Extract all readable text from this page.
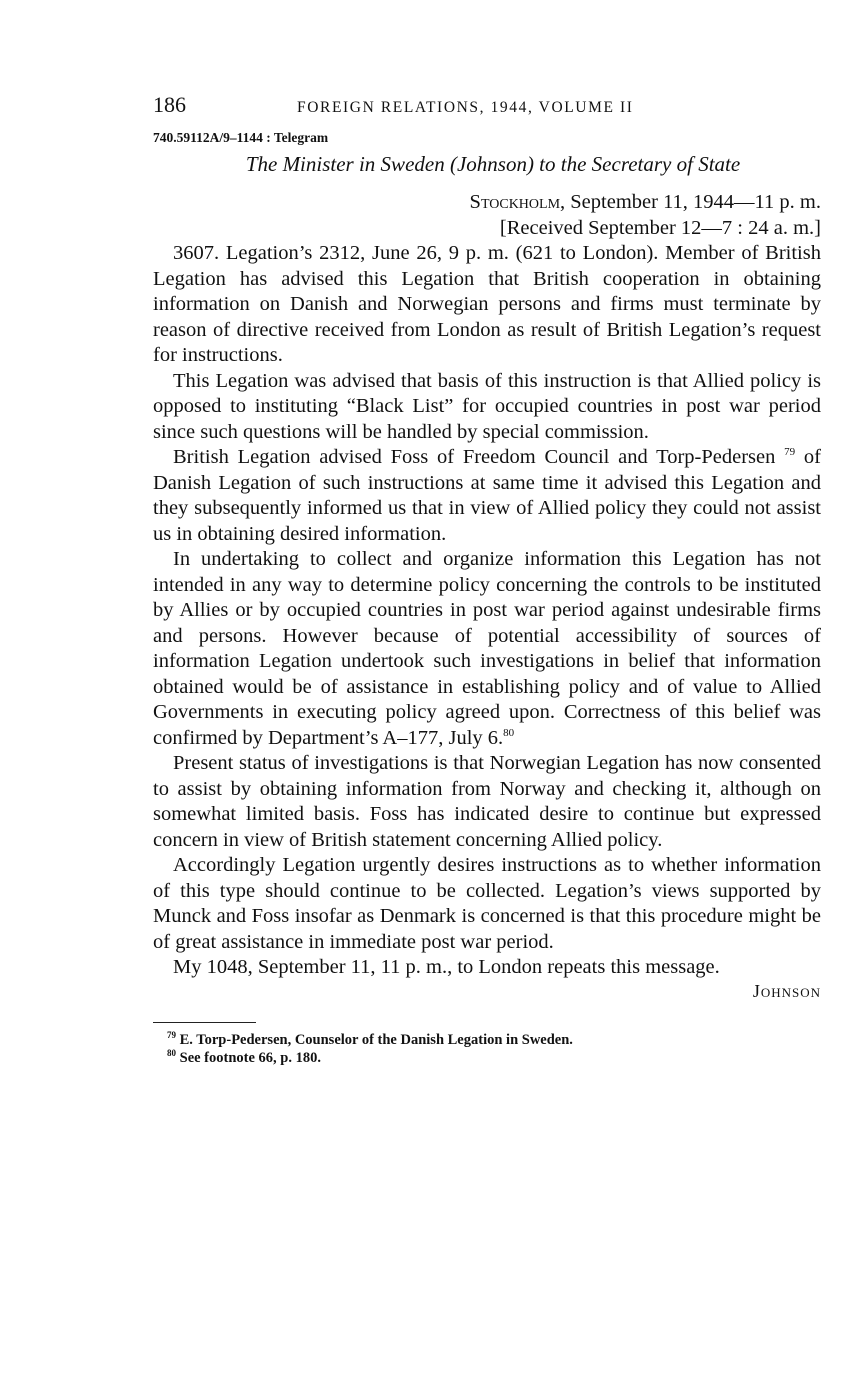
186	FOREIGN RELATIONS, 1944, VOLUME II
740.59112A/9–1144 : Telegram
The Minister in Sweden (Johnson) to the Secretary of State
Stockholm, September 11, 1944—11 p. m.
[Received September 12—7 : 24 a. m.]

3607. Legation’s 2312, June 26, 9 p. m. (621 to London). Member of British Legation has advised this Legation that British cooperation in obtaining information on Danish and Norwegian persons and firms must terminate by reason of directive received from London as result of British Legation’s request for instructions.

This Legation was advised that basis of this instruction is that Allied policy is opposed to instituting “Black List” for occupied countries in post war period since such questions will be handled by special commission.

British Legation advised Foss of Freedom Council and Torp-Pedersen $^{79}$ of Danish Legation of such instructions at same time it advised this Legation and they subsequently informed us that in view of Allied policy they could not assist us in obtaining desired information.

In undertaking to collect and organize information this Legation has not intended in any way to determine policy concerning the controls to be instituted by Allies or by occupied countries in post war period against undesirable firms and persons. However because of potential accessibility of sources of information Legation undertook such investigations in belief that information obtained would be of assistance in establishing policy and of value to Allied Governments in executing policy agreed upon. Correctness of this belief was confirmed by Department’s A–177, July 6.80

Present status of investigations is that Norwegian Legation has now consented to assist by obtaining information from Norway and checking it, although on somewhat limited basis. Foss has indicated desire to continue but expressed concern in view of British statement concerning Allied policy.

Accordingly Legation urgently desires instructions as to whether information of this type should continue to be collected. Legation’s views supported by Munck and Foss insofar as Denmark is concerned is that this procedure might be of great assistance in immediate post war period.

My 1048, September 11, 11 p. m., to London repeats this message.

Johnson
$^{79}$ E. Torp-Pedersen, Counselor of the Danish Legation in Sweden.
$^{80}$ See footnote 66, p. 180.
